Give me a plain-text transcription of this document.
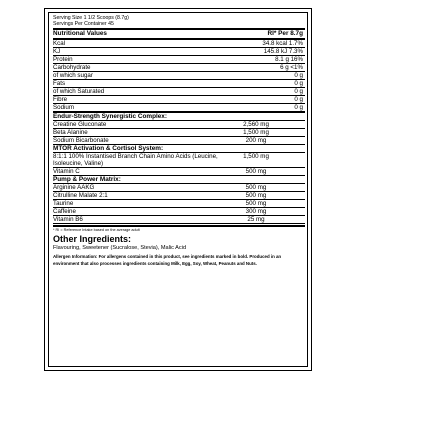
Serving Size 1 1/2 Scoops (8.7g)
Servings Per Container 45
Nutritional Values	RI* Per 8.7g
Kcal	34.8 kcal 1.7%
KJ	145.8 kJ 7.3%
Protein	8.1 g 16%
Carbohydrate	6 g <1%
of which sugar	0 g
Fats	0 g
of which Saturated	0 g
Fibre	0 g
Sodium	0 g
Endur-Strength Synergistic Complex:
Creatine Gluconate	2,560 mg
Beta Alanine	1,500 mg
Sodium Bicarbonate	200 mg
MTOR Activation & Cortisol System:
8:1:1 100% Instantised Branch Chain Amino Acids (Leucine, Isoleucine, Valine)
1,500 mg
Vitamin C	500 mg
Pump & Power Matrix:
Arginine AAKG	500 mg
Citrulline Malate 2:1	500 mg
Taurine	500 mg
Caffeine	300 mg
Vitamin B6	25 mg
* RI = Reference Intake based on the average adult
Other Ingredients:
Flavouring, Sweetener (Sucralose, Stevia), Malic Acid
Allergen Information: For allergens contained in this product, see ingredients marked in bold. Produced in an environment that also processes ingredients containing Milk, Egg, Soy, Wheat, Peanuts and Nuts.
